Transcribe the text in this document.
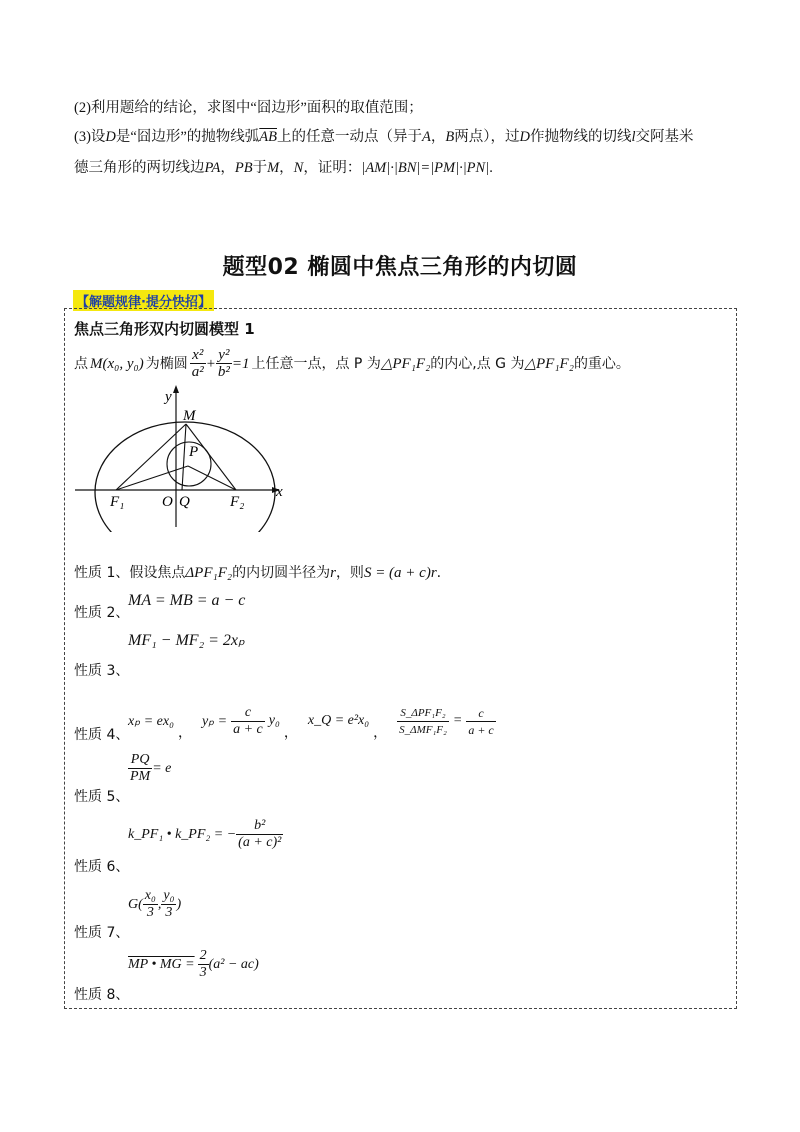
(2)利用题给的结论，求图中“囧边形”面积的取值范围；
(3)设D是“囧边形”的抛物线弧$\overline{AB}$上的任意一动点（异于A，B两点），过D作抛物线的切线l交阿基米
德三角形的两切线边PA，PB于M，N，证明：|AM|·|BN|=|PM|·|PN|.
题型02 椭圆中焦点三角形的内切圆
【解题规律·提分快招】
焦点三角形双内切圆模型 1
点 M(x₀, y₀) 为椭圆 $\frac{\text{x²}}{\text{a²}} + \frac{\text{y²}}{\text{b²}} =1$ 上任意一点，点 P 为 △PF₁F₂ 的内心,点 G 为 △PF₁F₂ 的重心。
y
x
M
P
F₁	O Q	F₂
性质 1、 假设焦点 ΔPF₁F₂ 的内切圆半径为 r ，则 S = (a + c)r .
MA = MB = a − c
性质 2、
MF₁ − MF₂ = 2xₚ
性质 3、
xₚ = ex₀
，
$y_p = \frac{c}{a + c} y_0$
，
x_Q = e²x₀
， $\frac{\text{S\_ΔPF₁F₂}}{\text{S\_ΔMF₁F₂}} = \frac{c}{a + c}$
性质 4、
$\frac{PQ}{PM} = e$
性质 5、
k_PF₁ • k_PF₂ = − $\frac{\text{b²}}{\text{(a + c)²}}$
性质 6、
$G( \frac{\text{x₀}}{3}$ , $\frac{\text{y₀}}{3}$ )
性质 7、
MP • MG = $\frac{2}{3} (a^2 - ac)$
性质 8、
